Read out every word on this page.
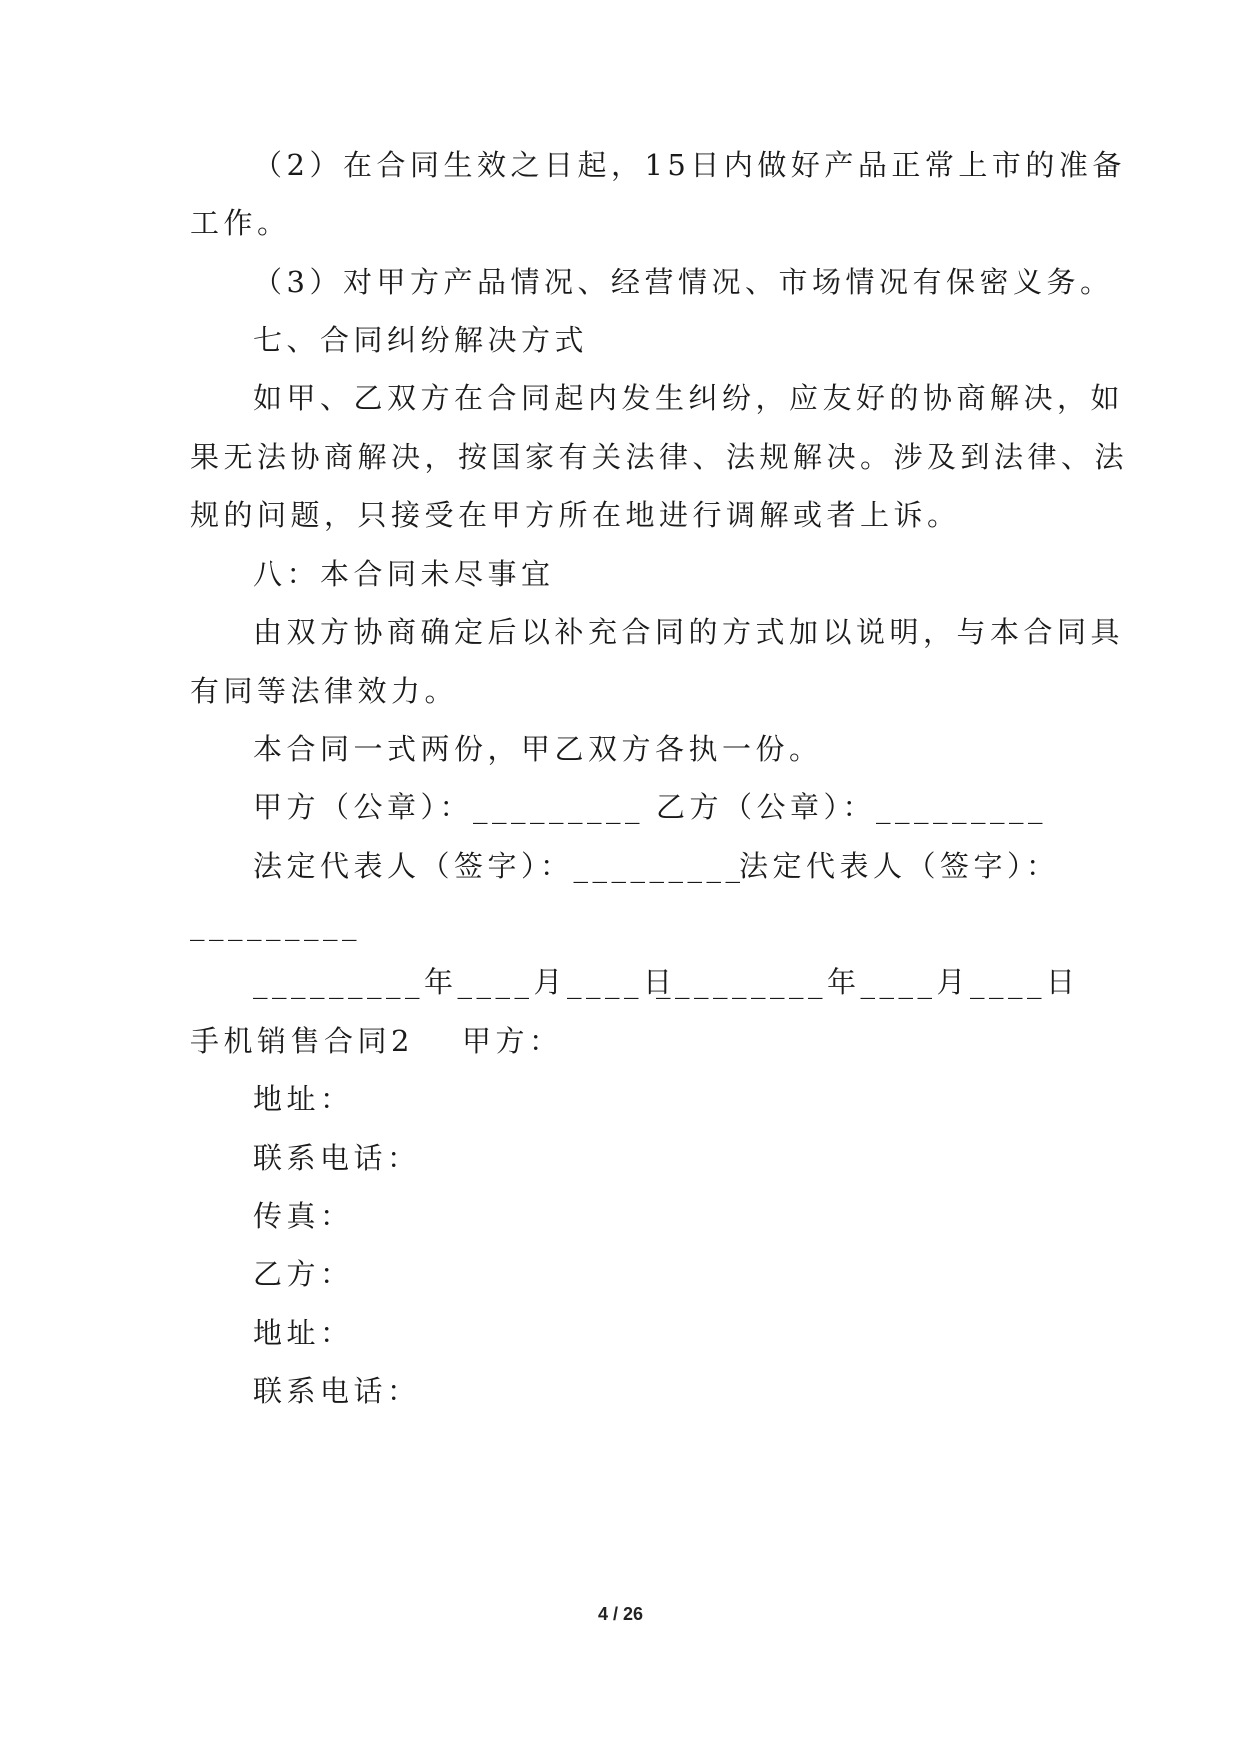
（2）在合同生效之日起，15日内做好产品正常上市的准备
工作。
（3）对甲方产品情况、经营情况、市场情况有保密义务。
七、合同纠纷解决方式
如甲、乙双方在合同起内发生纠纷，应友好的协商解决，如
果无法协商解决，按国家有关法律、法规解决。涉及到法律、法
规的问题，只接受在甲方所在地进行调解或者上诉。
八：本合同未尽事宜
由双方协商确定后以补充合同的方式加以说明，与本合同具
有同等法律效力。
本合同一式两份，甲乙双方各执一份。
甲方（公章）：_________ 乙方（公章）：_________
法定代表人（签字）：_________
法定代表人（签字）：
_________
_________年____月____日
_________年____月____日
手机销售合同2 甲方：
地址：
联系电话：
传真：
乙方：
地址：
联系电话：
4 / 26
